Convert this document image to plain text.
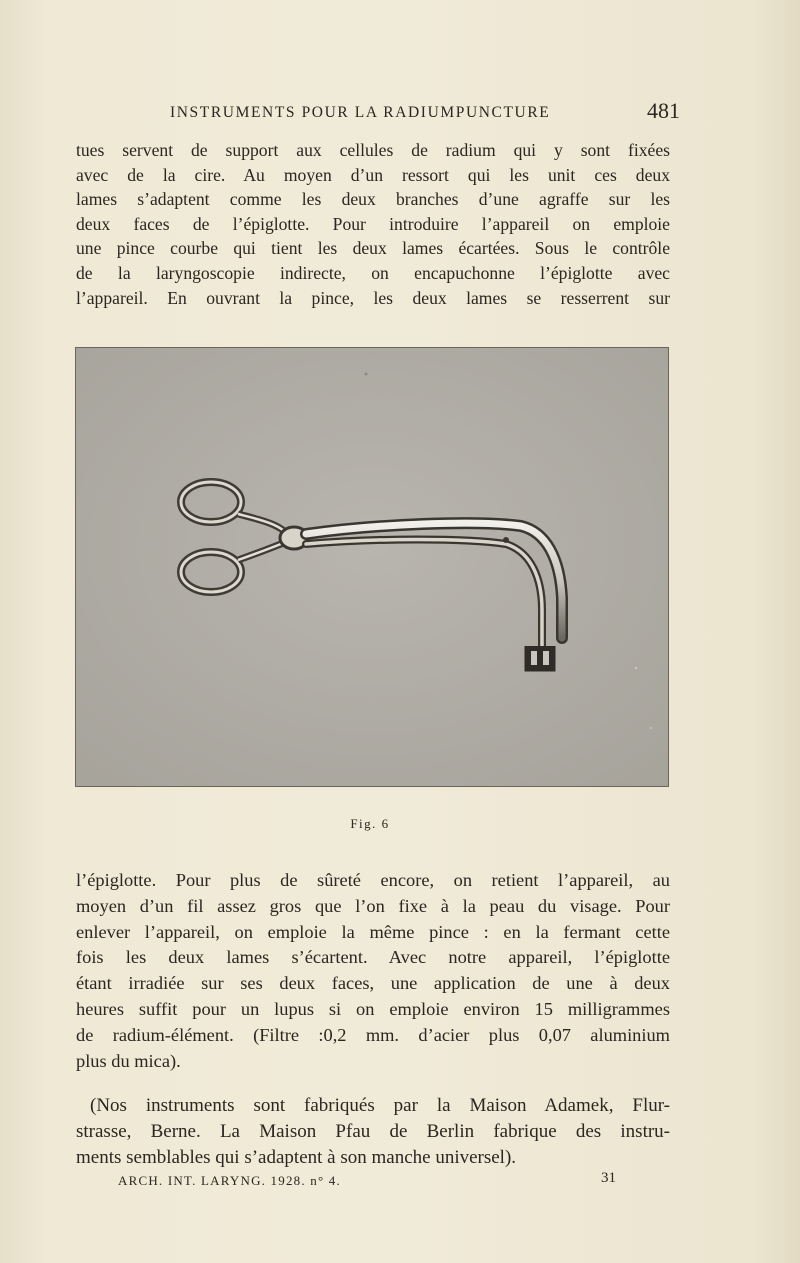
INSTRUMENTS POUR LA RADIUMPUNCTURE	481

tues servent de support aux cellules de radium qui y sont fixées
avec de la cire. Au moyen d’un ressort qui les unit ces deux
lames s’adaptent comme les deux branches d’une agraffe sur les
deux faces de l’épiglotte. Pour introduire l’appareil on emploie
une pince courbe qui tient les deux lames écartées. Sous le contrôle
de la laryngoscopie indirecte, on encapuchonne l’épiglotte avec
l’appareil. En ouvrant la pince, les deux lames se resserrent sur

Fig. 6

l’épiglotte. Pour plus de sûreté encore, on retient l’appareil, au
moyen d’un fil assez gros que l’on fixe à la peau du visage. Pour
enlever l’appareil, on emploie la même pince : en la fermant cette
fois les deux lames s’écartent. Avec notre appareil, l’épiglotte
étant irradiée sur ses deux faces, une application de une à deux
heures suffit pour un lupus si on emploie environ 15 milligrammes
de radium-élément. (Filtre :0,2 mm. d’acier plus 0,07 aluminium
plus du mica).

(Nos instruments sont fabriqués par la Maison Adamek, Flur-
strasse, Berne. La Maison Pfau de Berlin fabrique des instru-
ments semblables qui s’adaptent à son manche universel).

ARCH. INT. LARYNG. 1928. n° 4.	31
